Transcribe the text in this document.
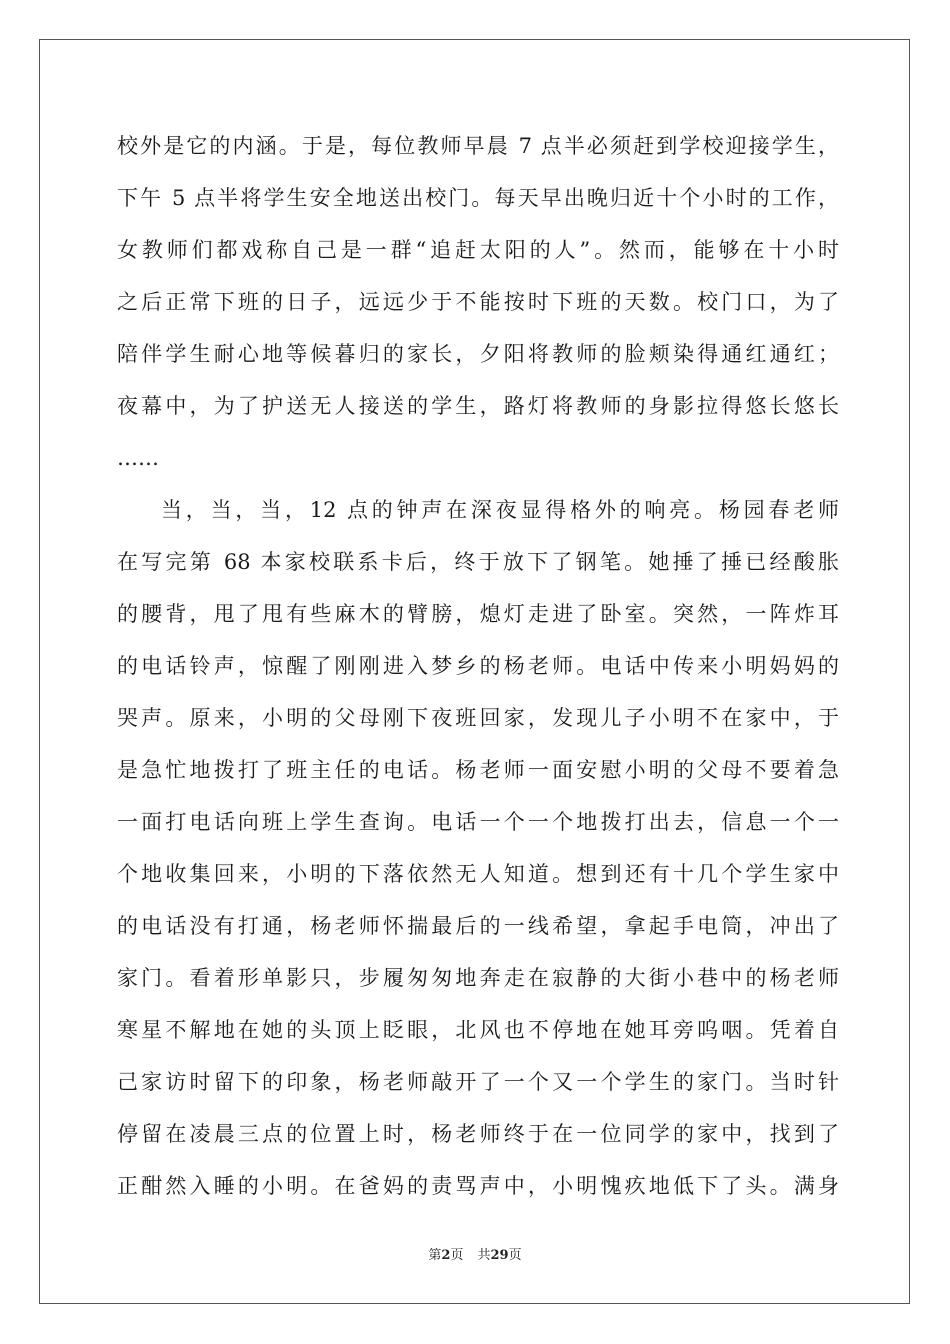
校外是它的内涵。于是，每位教师早晨 7 点半必须赶到学校迎接学生，
下午 5 点半将学生安全地送出校门。每天早出晚归近十个小时的工作，
女教师们都戏称自己是一群“追赶太阳的人”。然而，能够在十小时
之后正常下班的日子，远远少于不能按时下班的天数。校门口，为了
陪伴学生耐心地等候暮归的家长，夕阳将教师的脸颊染得通红通红；
夜幕中，为了护送无人接送的学生，路灯将教师的身影拉得悠长悠长
……
当，当，当，12 点的钟声在深夜显得格外的响亮。杨园春老师
在写完第 68 本家校联系卡后，终于放下了钢笔。她捶了捶已经酸胀
的腰背，甩了甩有些麻木的臂膀，熄灯走进了卧室。突然，一阵炸耳
的电话铃声，惊醒了刚刚进入梦乡的杨老师。电话中传来小明妈妈的
哭声。原来，小明的父母刚下夜班回家，发现儿子小明不在家中，于
是急忙地拨打了班主任的电话。杨老师一面安慰小明的父母不要着急
一面打电话向班上学生查询。电话一个一个地拨打出去，信息一个一
个地收集回来，小明的下落依然无人知道。想到还有十几个学生家中
的电话没有打通，杨老师怀揣最后的一线希望，拿起手电筒，冲出了
家门。看着形单影只，步履匆匆地奔走在寂静的大街小巷中的杨老师
寒星不解地在她的头顶上眨眼，北风也不停地在她耳旁呜咽。凭着自
己家访时留下的印象，杨老师敲开了一个又一个学生的家门。当时针
停留在凌晨三点的位置上时，杨老师终于在一位同学的家中，找到了
正酣然入睡的小明。在爸妈的责骂声中，小明愧疚地低下了头。满身
第2页 共29页
